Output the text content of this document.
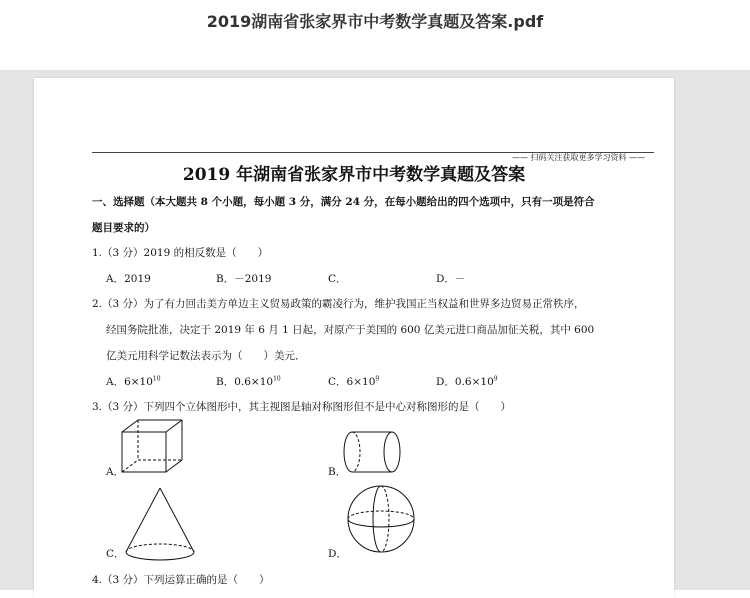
2019湖南省张家界市中考数学真题及答案.pdf
—— 扫码关注获取更多学习资料 ——
2019 年湖南省张家界市中考数学真题及答案
一、选择题（本大题共 8 个小题，每小题 3 分，满分 24 分，在每小题给出的四个选项中，只有一项是符合
题目要求的）
1.（3 分）2019 的相反数是（　　）
A．2019	B．－2019	C．	D．－
2.（3 分）为了有力回击美方单边主义贸易政策的霸凌行为，维护我国正当权益和世界多边贸易正常秩序，
经国务院批准，决定于 2019 年 6 月 1 日起，对原产于美国的 600 亿美元进口商品加征关税，其中 600
亿美元用科学记数法表示为（　　）美元．
A．$6\times 10^{10}$	B．$0.6\times 10^{10}$	C．$6\times 10^9$	D．$0.6\times 10^9$
3.（3 分）下列四个立体图形中，其主视图是轴对称图形但不是中心对称图形的是（　　）
A．	B．
C．	D．
4.（3 分）下列运算正确的是（　　）
